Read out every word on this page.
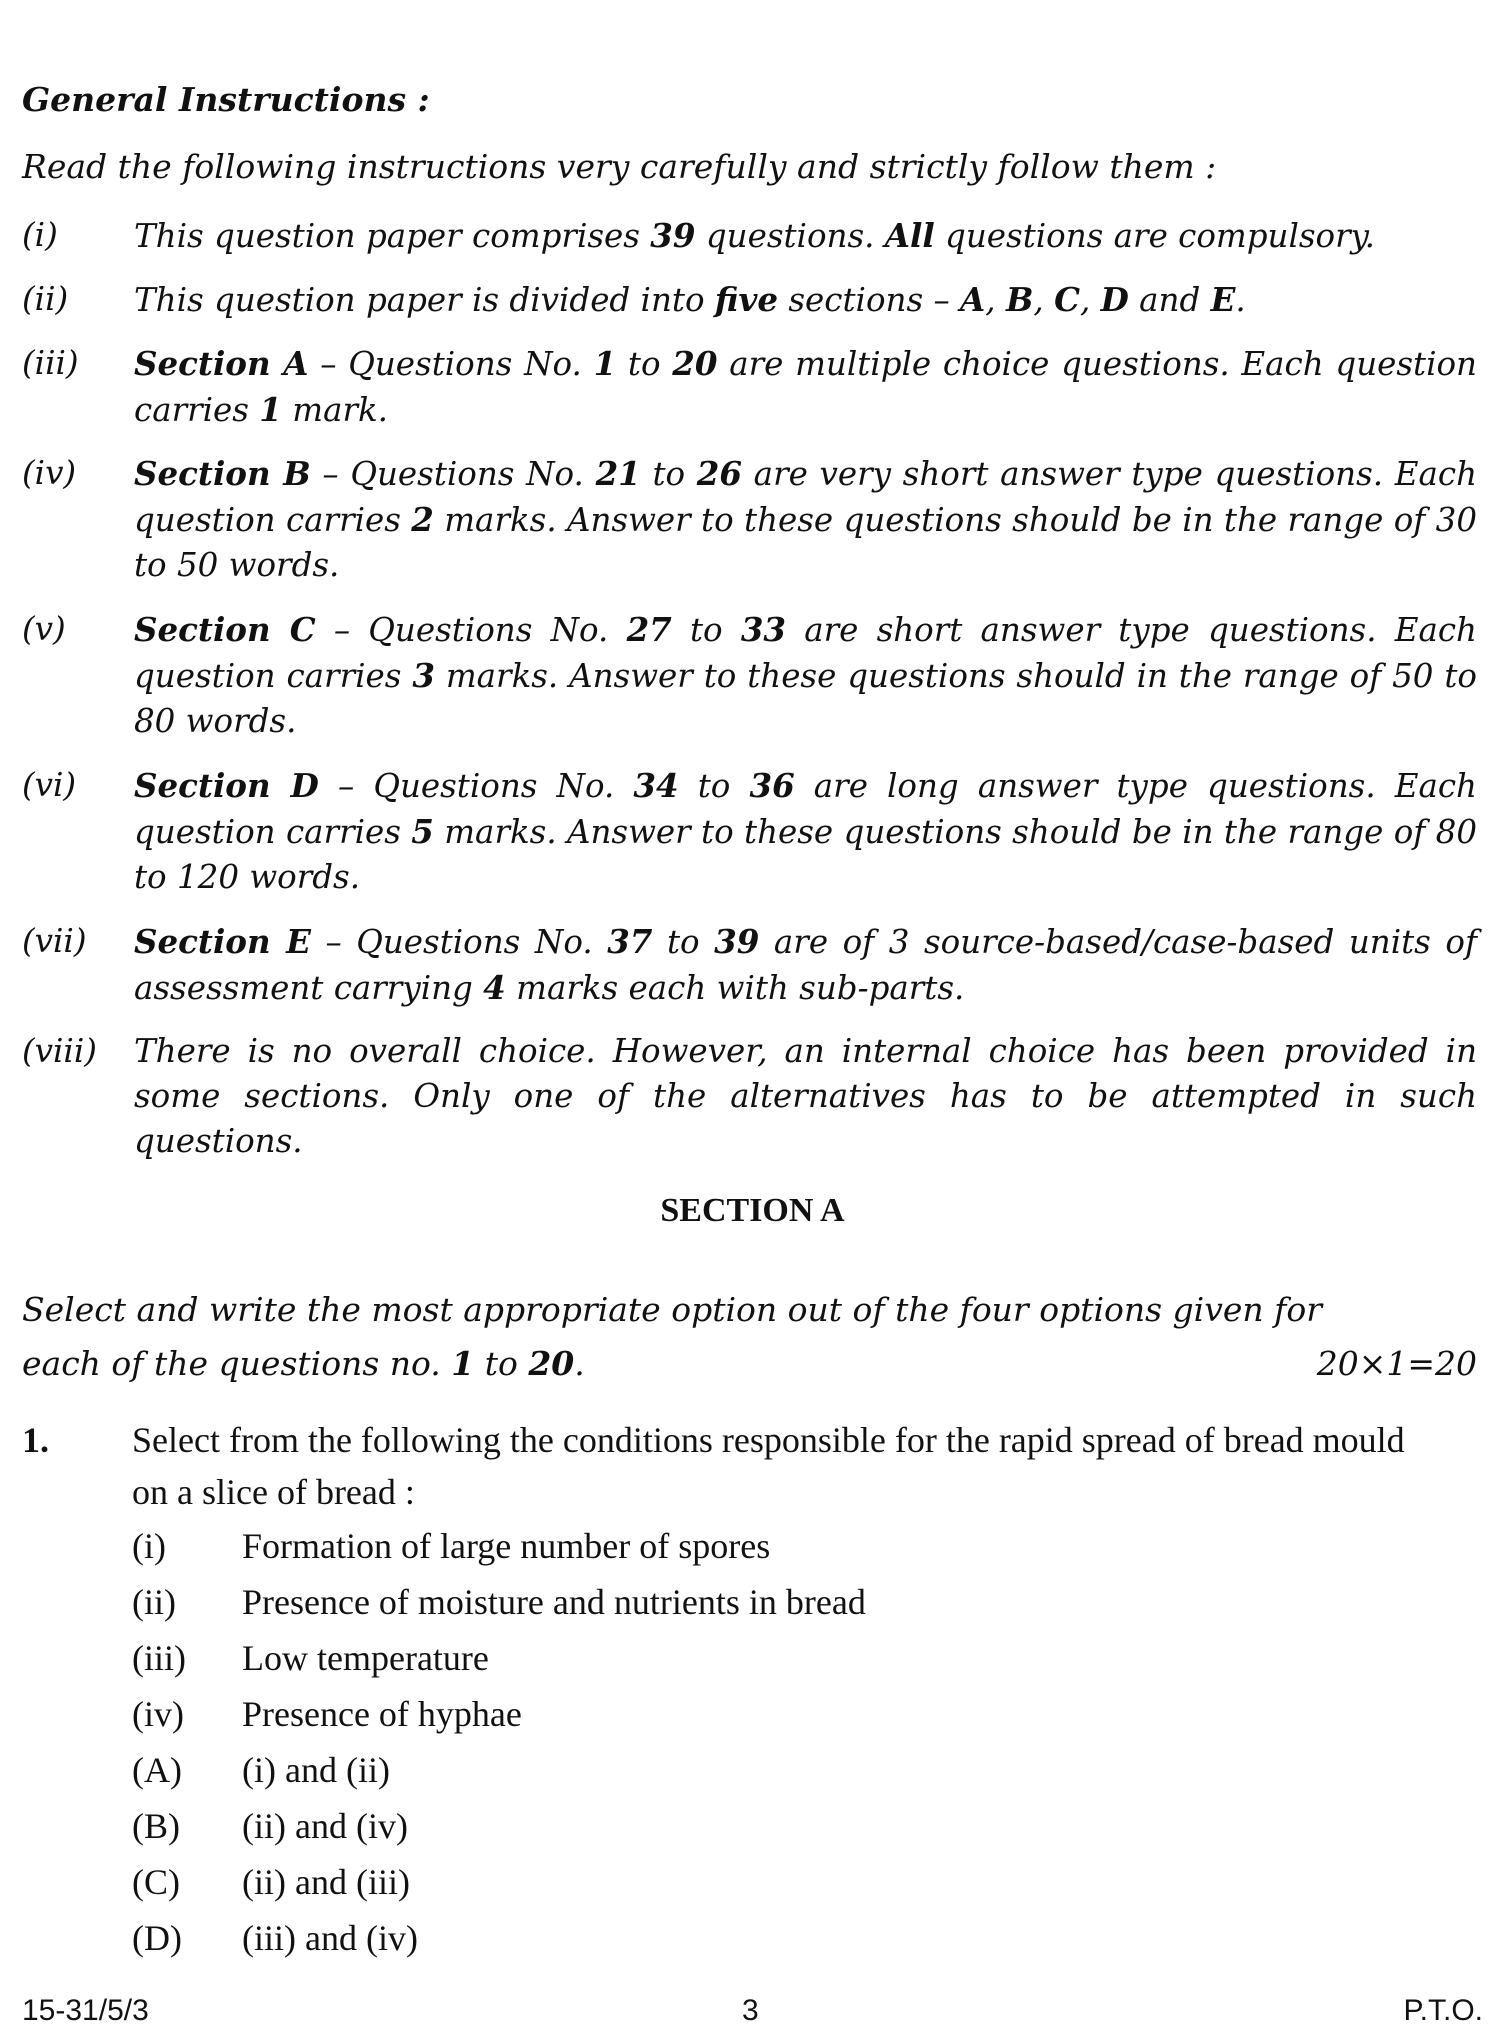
General Instructions :
Read the following instructions very carefully and strictly follow them :
(i)	This question paper comprises 39 questions. All questions are compulsory.
(ii)	This question paper is divided into five sections – A, B, C, D and E.
(iii)	Section A – Questions No. 1 to 20 are multiple choice questions. Each question carries 1 mark.
(iv)	Section B – Questions No. 21 to 26 are very short answer type questions. Each question carries 2 marks. Answer to these questions should be in the range of 30 to 50 words.
(v)	Section C – Questions No. 27 to 33 are short answer type questions. Each question carries 3 marks. Answer to these questions should in the range of 50 to 80 words.
(vi)	Section D – Questions No. 34 to 36 are long answer type questions. Each question carries 5 marks. Answer to these questions should be in the range of 80 to 120 words.
(vii)	Section E – Questions No. 37 to 39 are of 3 source-based/case-based units of assessment carrying 4 marks each with sub-parts.
(viii)	There is no overall choice. However, an internal choice has been provided in some sections. Only one of the alternatives has to be attempted in such questions.
SECTION A
Select and write the most appropriate option out of the four options given for
each of the questions no. 1 to 20.	20×1=20
1. Select from the following the conditions responsible for the rapid spread of bread mould on a slice of bread :
(i) Formation of large number of spores
(ii) Presence of moisture and nutrients in bread
(iii) Low temperature
(iv) Presence of hyphae
(A) (i) and (ii)
(B) (ii) and (iv)
(C) (ii) and (iii)
(D) (iii) and (iv)
15-31/5/3	3	P.T.O.
